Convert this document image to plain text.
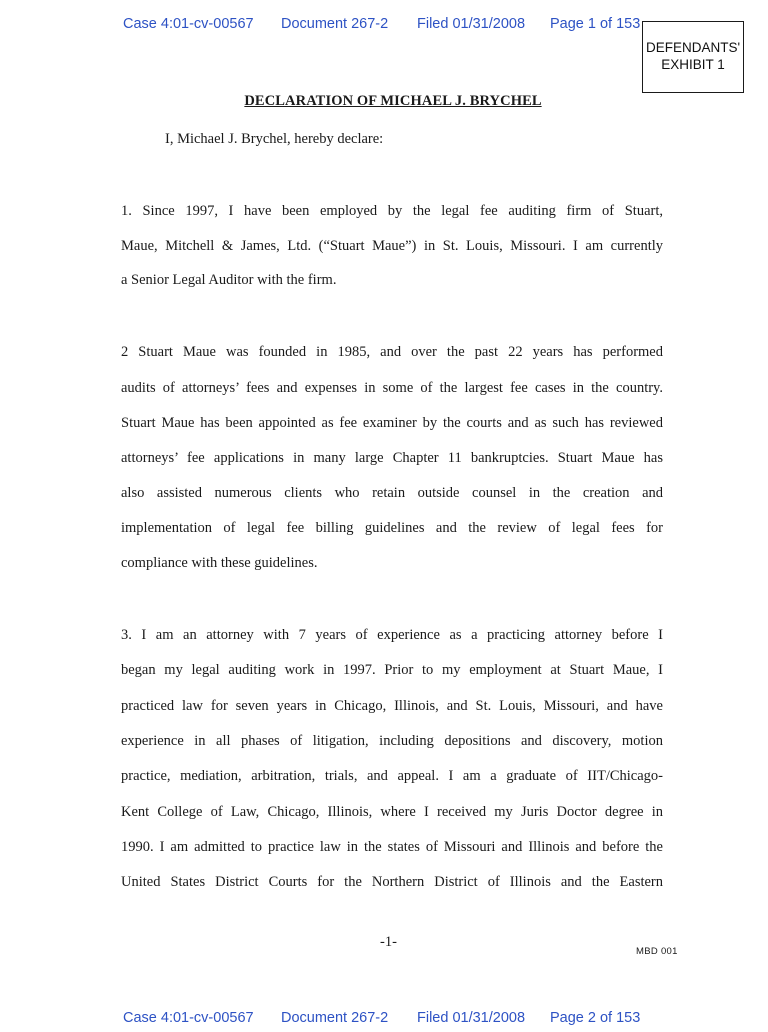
Case 4:01-cv-00567 Document 267-2 Filed 01/31/2008 Page 1 of 153
DEFENDANTS'
EXHIBIT 1
DECLARATION OF MICHAEL J. BRYCHEL
I, Michael J. Brychel, hereby declare:
1. Since 1997, I have been employed by the legal fee auditing firm of Stuart,
Maue, Mitchell & James, Ltd. (“Stuart Maue”) in St. Louis, Missouri. I am currently
a Senior Legal Auditor with the firm.
2 Stuart Maue was founded in 1985, and over the past 22 years has performed
audits of attorneys’ fees and expenses in some of the largest fee cases in the country.
Stuart Maue has been appointed as fee examiner by the courts and as such has reviewed
attorneys’ fee applications in many large Chapter 11 bankruptcies. Stuart Maue has
also assisted numerous clients who retain outside counsel in the creation and
implementation of legal fee billing guidelines and the review of legal fees for
compliance with these guidelines.
3. I am an attorney with 7 years of experience as a practicing attorney before I
began my legal auditing work in 1997. Prior to my employment at Stuart Maue, I
practiced law for seven years in Chicago, Illinois, and St. Louis, Missouri, and have
experience in all phases of litigation, including depositions and discovery, motion
practice, mediation, arbitration, trials, and appeal. I am a graduate of IIT/Chicago-
Kent College of Law, Chicago, Illinois, where I received my Juris Doctor degree in
1990. I am admitted to practice law in the states of Missouri and Illinois and before the
United States District Courts for the Northern District of Illinois and the Eastern
-1-
MBD 001
Case 4:01-cv-00567 Document 267-2 Filed 01/31/2008 Page 2 of 153
